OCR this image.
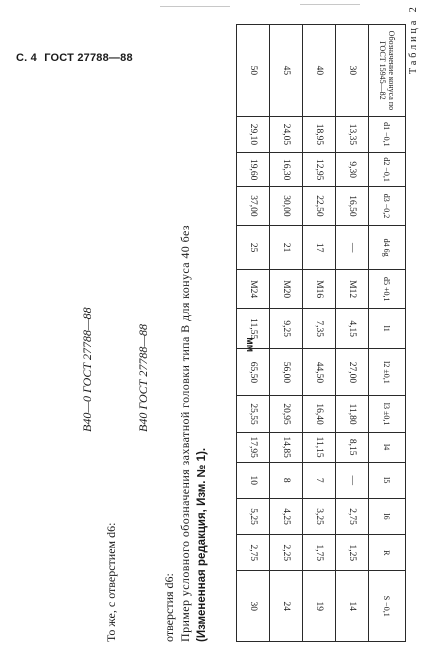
С. 4 ГОСТ 27788—88	Таблица 2
мм
Обозначение конуса по ГОСТ 15945—82	d1 −0,1	d2 −0,1	d3 −0,2	d4 6g	d5 +0,1	l1	l2 ±0,1	l3 ±0,1	l4	l5	l6	R	S −0,1
30	13,35	9,30	16,50	—	М12	4,15	27,00	11,80	8,15	—	2,75	1,25	14
40	18,95	12,95	22,50	17	М16	7,35	44,50	16,40	11,15	7	3,25	1,75	19
45	24,05	16,30	30,00	21	М20	9,25	56,00	20,95	14,85	8	4,25	2,25	24
50	29,10	19,60	37,00	25	М24	11,55	65,50	25,55	17,95	10	5,25	2,75	30
(Измененная редакция, Изм. № 1).
Пример условного обозначения захватной головки типа В для конуса 40 без
отверстия d6:
В40 ГОСТ 27788—88
То же, с отверстием d6:
В40—0 ГОСТ 27788—88
